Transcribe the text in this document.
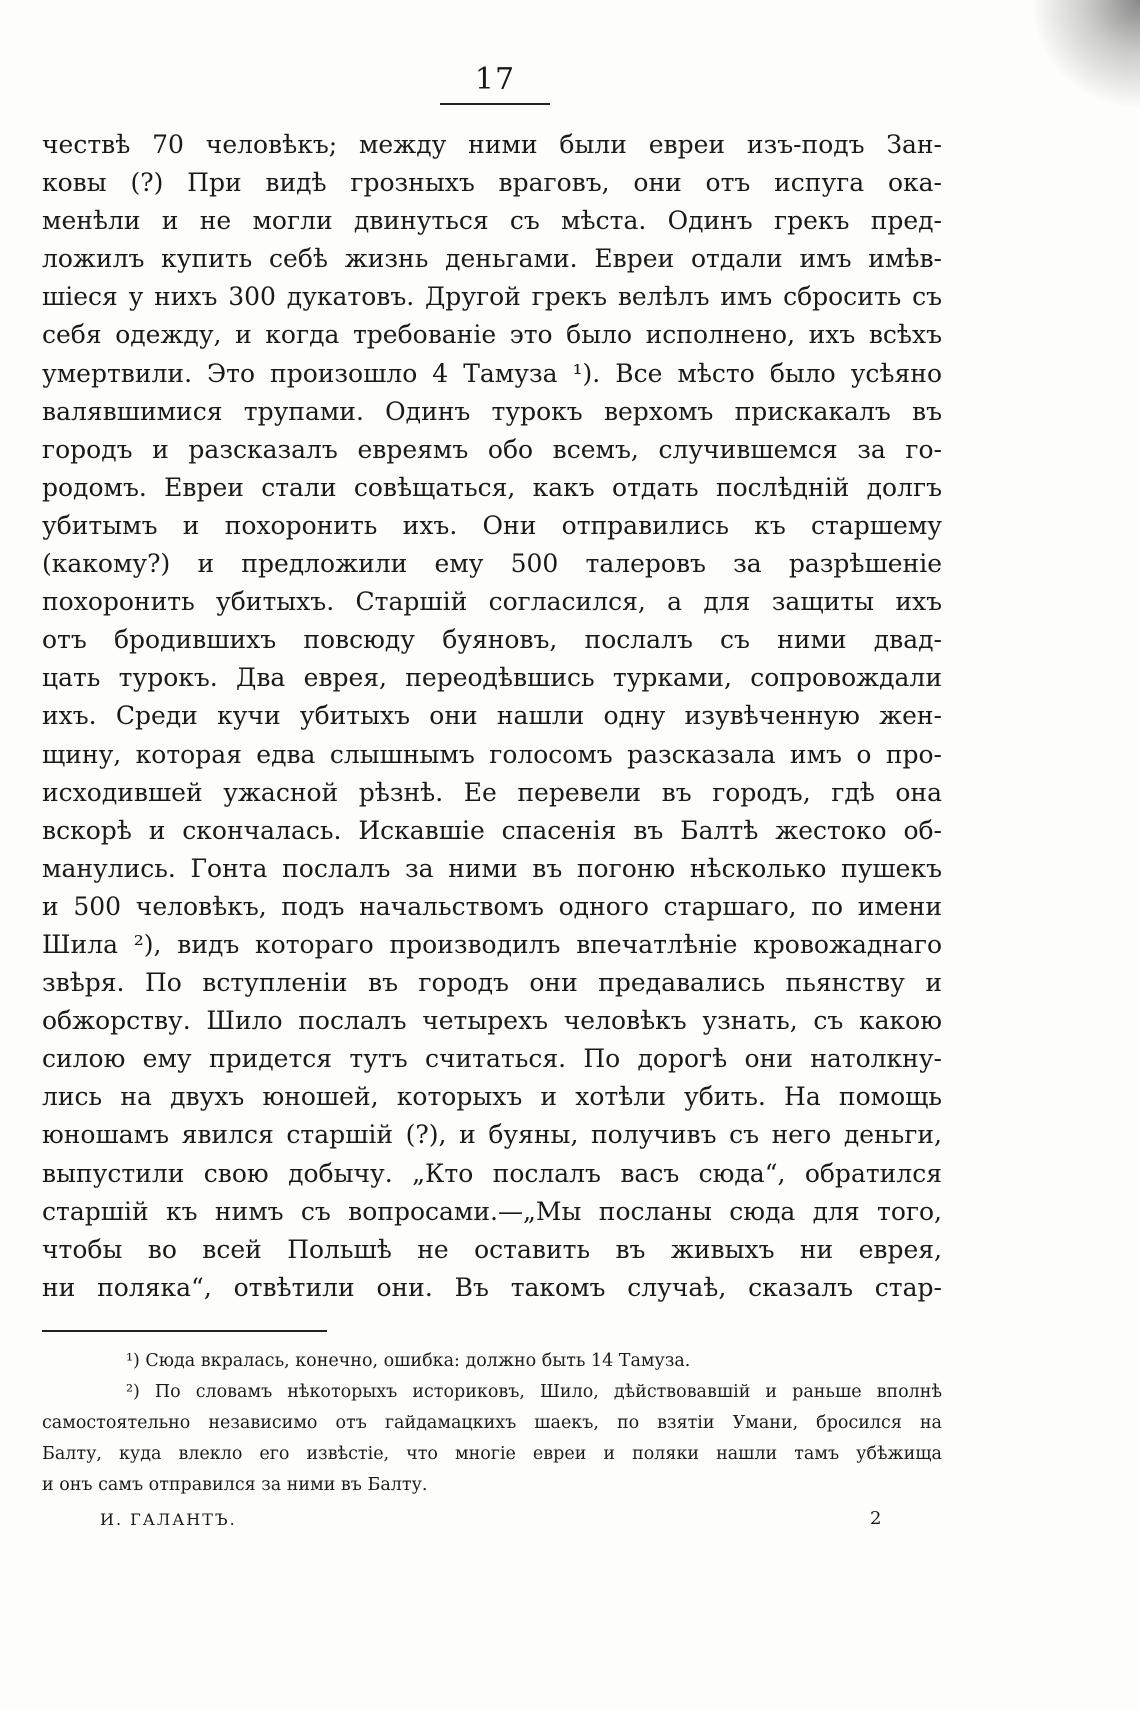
17
чествѣ 70 человѣкъ; между ними были евреи изъ-подъ Зан-
ковы (?) При видѣ грозныхъ враговъ, они отъ испуга ока-
менѣли и не могли двинуться съ мѣста. Одинъ грекъ пред-
ложилъ купить себѣ жизнь деньгами. Евреи отдали имъ имѣв-
шіеся у нихъ 300 дукатовъ. Другой грекъ велѣлъ имъ сбросить съ
себя одежду, и когда требованіе это было исполнено, ихъ всѣхъ
умертвили. Это произошло 4 Тамуза ¹). Все мѣсто было усѣяно
валявшимися трупами. Одинъ турокъ верхомъ прискакалъ въ
городъ и разсказалъ евреямъ обо всемъ, случившемся за го-
родомъ. Евреи стали совѣщаться, какъ отдать послѣдній долгъ
убитымъ и похоронить ихъ. Они отправились къ старшему
(какому?) и предложили ему 500 талеровъ за разрѣшеніе
похоронить убитыхъ. Старшій согласился, а для защиты ихъ
отъ бродившихъ повсюду буяновъ, послалъ съ ними двад-
цать турокъ. Два еврея, переодѣвшись турками, сопровождали
ихъ. Среди кучи убитыхъ они нашли одну изувѣченную жен-
щину, которая едва слышнымъ голосомъ разсказала имъ о про-
исходившей ужасной рѣзнѣ. Ее перевели въ городъ, гдѣ она
вскорѣ и скончалась. Искавшіе спасенія въ Балтѣ жестоко об-
манулись. Гонта послалъ за ними въ погоню нѣсколько пушекъ
и 500 человѣкъ, подъ начальствомъ одного старшаго, по имени
Шила ²), видъ котораго производилъ впечатлѣніе кровожаднаго
звѣря. По вступленіи въ городъ они предавались пьянству и
обжорству. Шило послалъ четырехъ человѣкъ узнать, съ какою
силою ему придется тутъ считаться. По дорогѣ они натолкну-
лись на двухъ юношей, которыхъ и хотѣли убить. На помощь
юношамъ явился старшій (?), и буяны, получивъ съ него деньги,
выпустили свою добычу. „Кто послалъ васъ сюда“, обратился
старшій къ нимъ съ вопросами.—„Мы посланы сюда для того,
чтобы во всей Польшѣ не оставить въ живыхъ ни еврея,
ни поляка“, отвѣтили они. Въ такомъ случаѣ, сказалъ стар-
¹) Сюда вкралась, конечно, ошибка: должно быть 14 Тамуза.
²) По словамъ нѣкоторыхъ историковъ, Шило, дѣйствовавшій и раньше вполнѣ
самостоятельно независимо отъ гайдамацкихъ шаекъ, по взятіи Умани, бросился на
Балту, куда влекло его извѣстіе, что многіе евреи и поляки нашли тамъ убѣжища
и онъ самъ отправился за ними въ Балту.
И. ГАЛАНТЪ.	2
